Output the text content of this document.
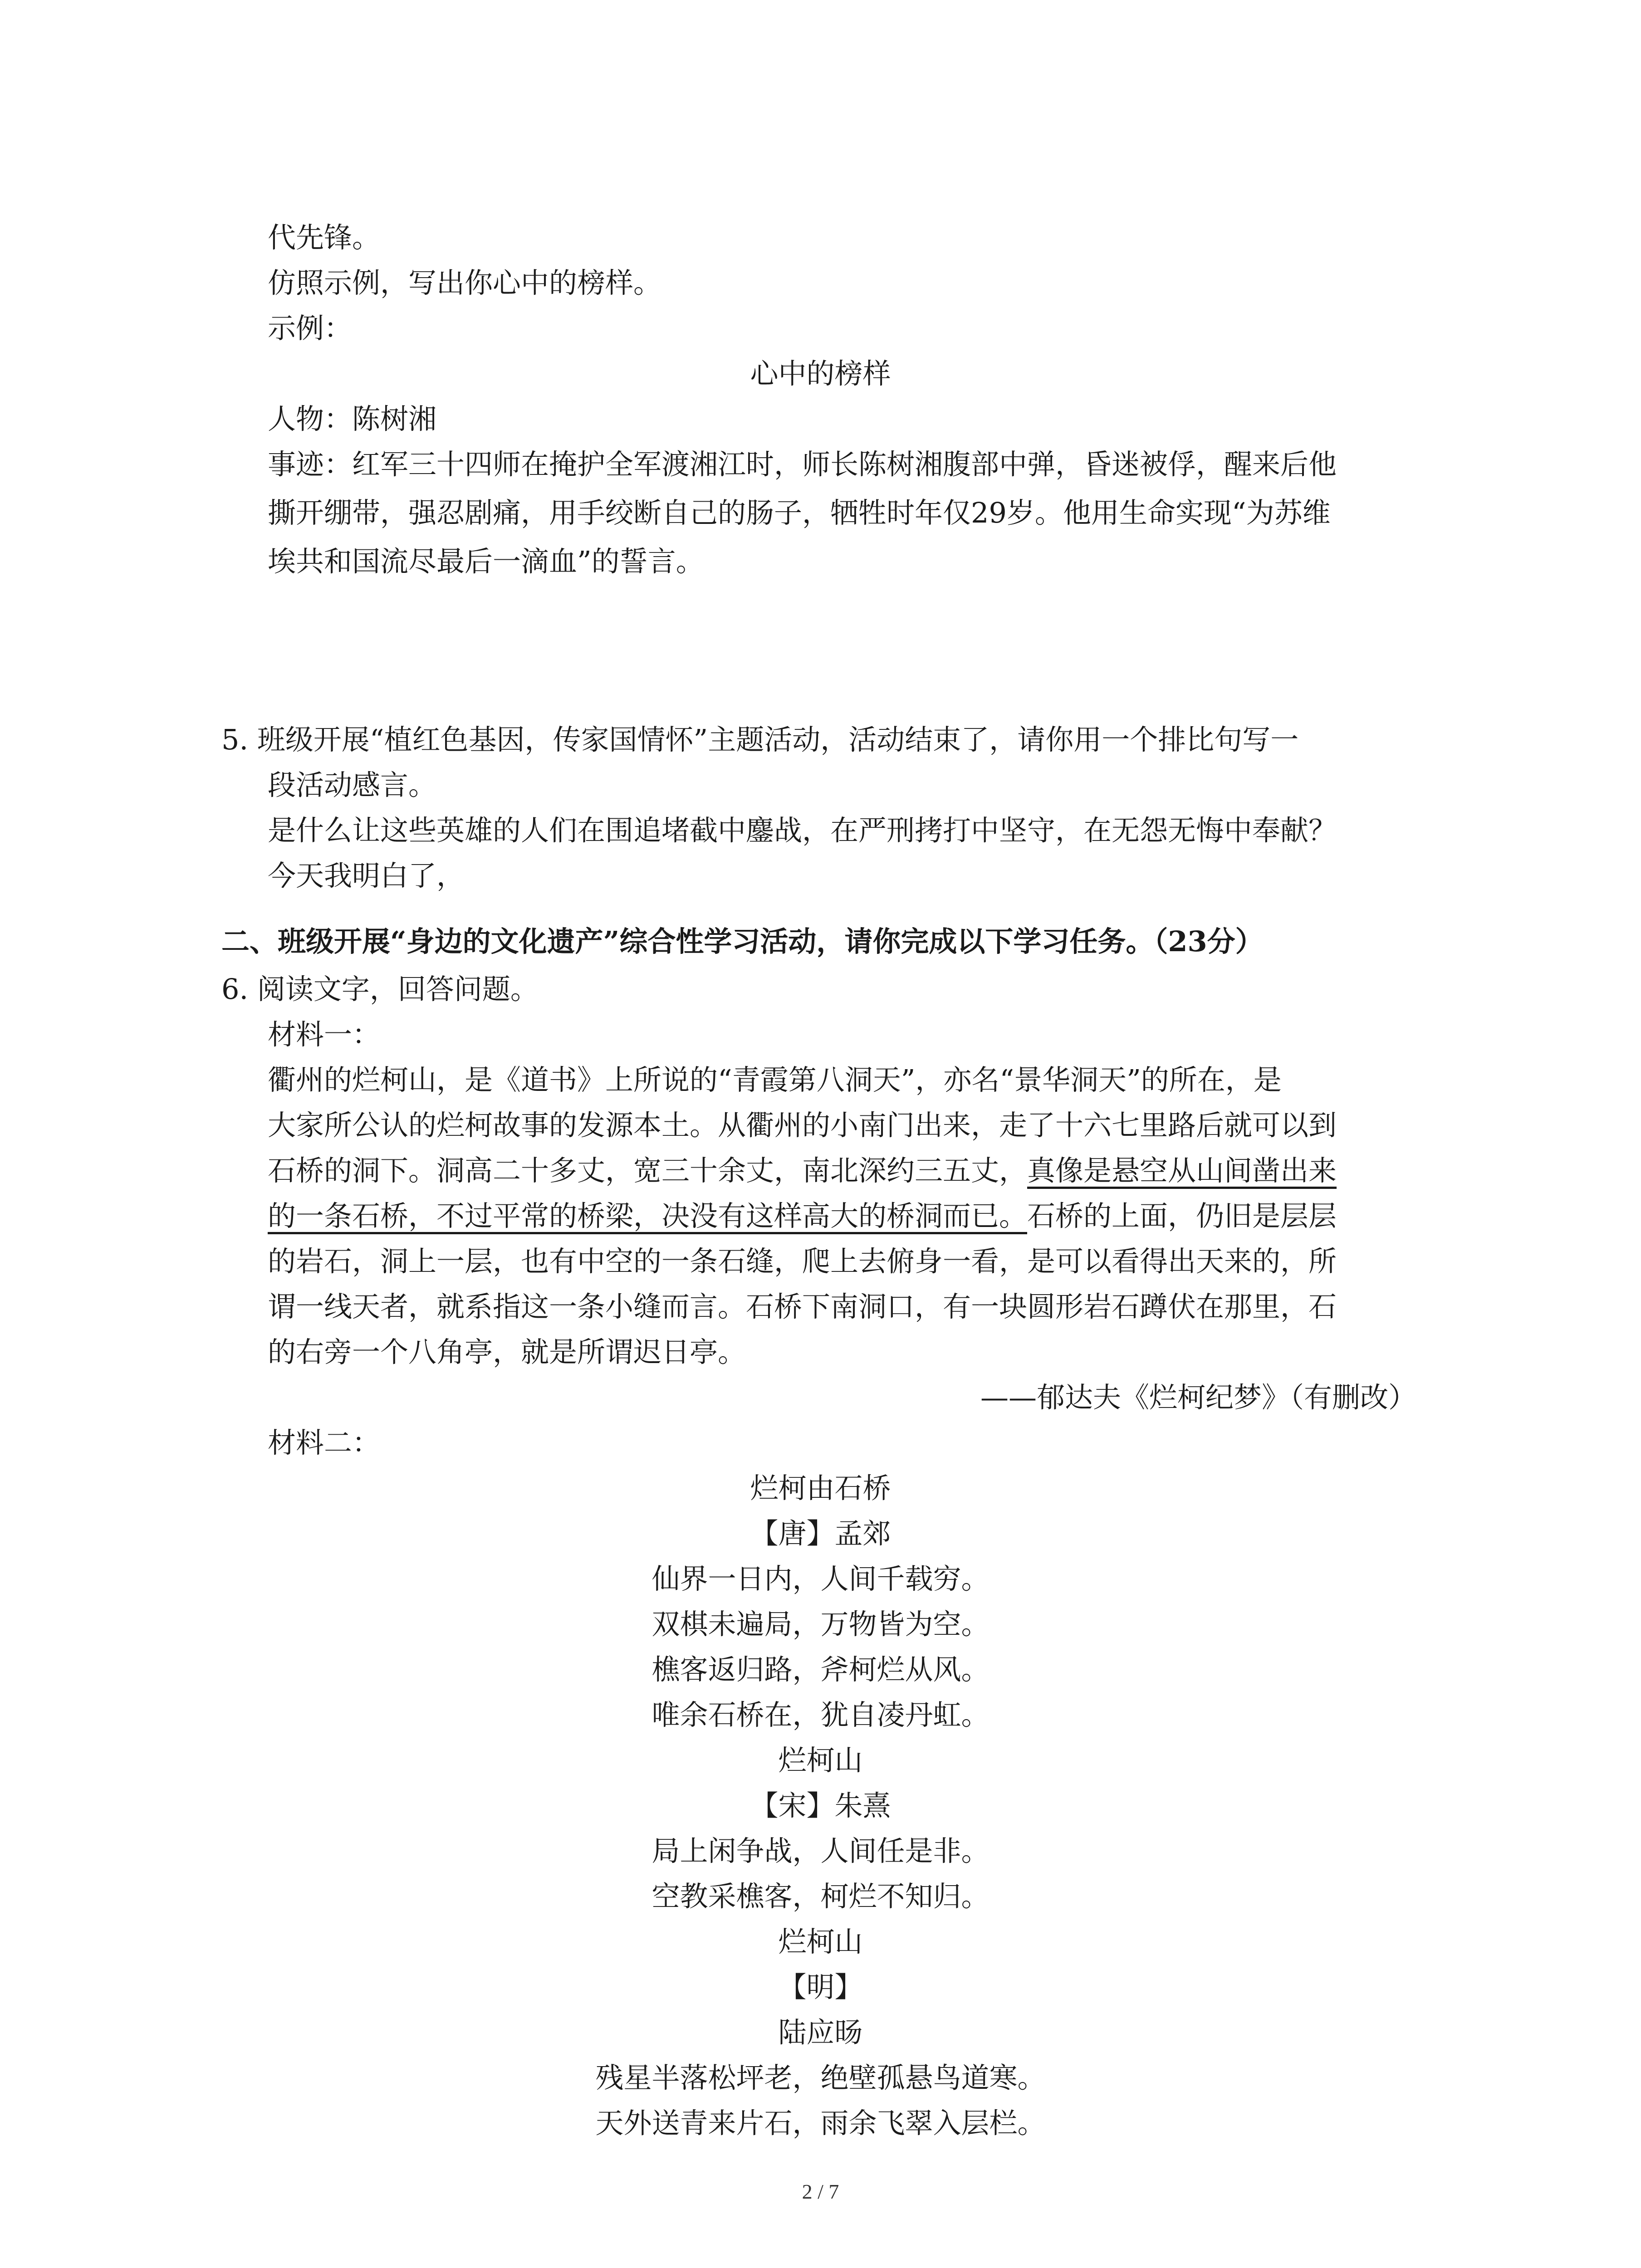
代先锋。
仿照示例，写出你心中的榜样。
示例：
心中的榜样
人物：陈树湘
事迹：红军三十四师在掩护全军渡湘江时，师长陈树湘腹部中弹，昏迷被俘，醒来后他
撕开绷带，强忍剧痛，用手绞断自己的肠子，牺牲时年仅29岁。他用生命实现“为苏维
埃共和国流尽最后一滴血”的誓言。
5. 班级开展“植红色基因，传家国情怀”主题活动，活动结束了，请你用一个排比句写一
段活动感言。
是什么让这些英雄的人们在围追堵截中鏖战，在严刑拷打中坚守，在无怨无悔中奉献？
今天我明白了，
二、班级开展“身边的文化遗产”综合性学习活动，请你完成以下学习任务。（23分）
6. 阅读文字，回答问题。
材料一：
衢州的烂柯山，是《道书》上所说的“青霞第八洞天”，亦名“景华洞天”的所在，是
大家所公认的烂柯故事的发源本土。从衢州的小南门出来，走了十六七里路后就可以到
石桥的洞下。洞高二十多丈，宽三十余丈，南北深约三五丈，真像是悬空从山间凿出来
的一条石桥，不过平常的桥梁，决没有这样高大的桥洞而已。石桥的上面，仍旧是层层
的岩石，洞上一层，也有中空的一条石缝，爬上去俯身一看，是可以看得出天来的，所
谓一线天者，就系指这一条小缝而言。石桥下南洞口，有一块圆形岩石蹲伏在那里，石
的右旁一个八角亭，就是所谓迟日亭。
——郁达夫《烂柯纪梦》（有删改）
材料二：
烂柯由石桥
【唐】孟郊
仙界一日内，人间千载穷。
双棋未遍局，万物皆为空。
樵客返归路，斧柯烂从风。
唯余石桥在，犹自凌丹虹。
烂柯山
【宋】朱熹
局上闲争战，人间任是非。
空教采樵客，柯烂不知归。
烂柯山
【明】
陆应旸
残星半落松坪老，绝壁孤悬鸟道寒。
天外送青来片石，雨余飞翠入层栏。
2 / 7
